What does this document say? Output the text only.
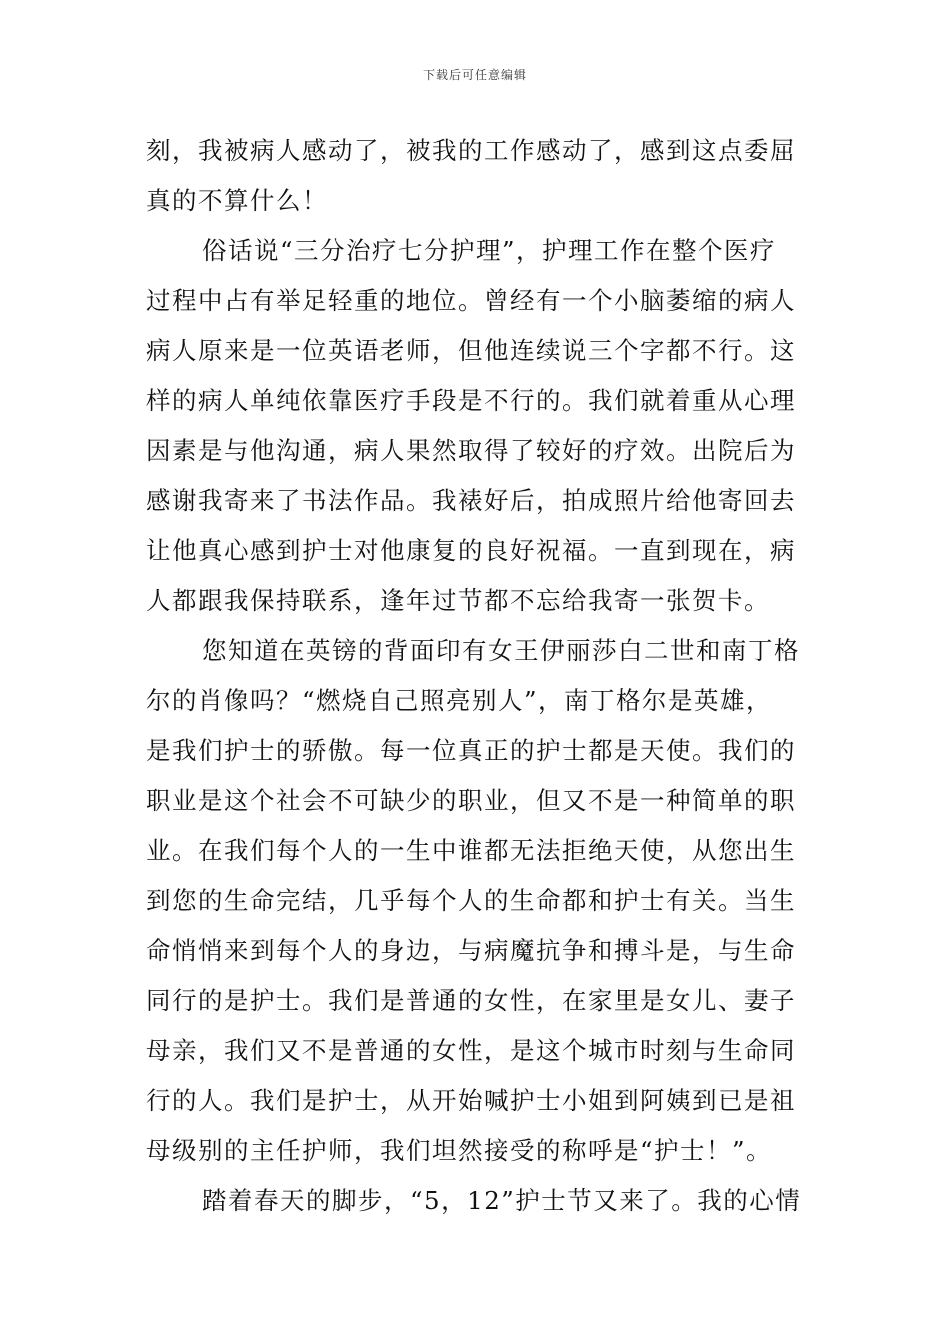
下载后可任意编辑
刻，我被病人感动了，被我的工作感动了，感到这点委屈
真的不算什么！
俗话说“三分治疗七分护理”，护理工作在整个医疗
过程中占有举足轻重的地位。曾经有一个小脑萎缩的病人
病人原来是一位英语老师，但他连续说三个字都不行。这
样的病人单纯依靠医疗手段是不行的。我们就着重从心理
因素是与他沟通，病人果然取得了较好的疗效。出院后为
感谢我寄来了书法作品。我裱好后，拍成照片给他寄回去
让他真心感到护士对他康复的良好祝福。一直到现在，病
人都跟我保持联系，逢年过节都不忘给我寄一张贺卡。
您知道在英镑的背面印有女王伊丽莎白二世和南丁格
尔的肖像吗？“燃烧自己照亮别人”，南丁格尔是英雄，
是我们护士的骄傲。每一位真正的护士都是天使。我们的
职业是这个社会不可缺少的职业，但又不是一种简单的职
业。在我们每个人的一生中谁都无法拒绝天使，从您出生
到您的生命完结，几乎每个人的生命都和护士有关。当生
命悄悄来到每个人的身边，与病魔抗争和搏斗是，与生命
同行的是护士。我们是普通的女性，在家里是女儿、妻子
母亲，我们又不是普通的女性，是这个城市时刻与生命同
行的人。我们是护士，从开始喊护士小姐到阿姨到已是祖
母级别的主任护师，我们坦然接受的称呼是“护士！”。
踏着春天的脚步，“5，12”护士节又来了。我的心情
